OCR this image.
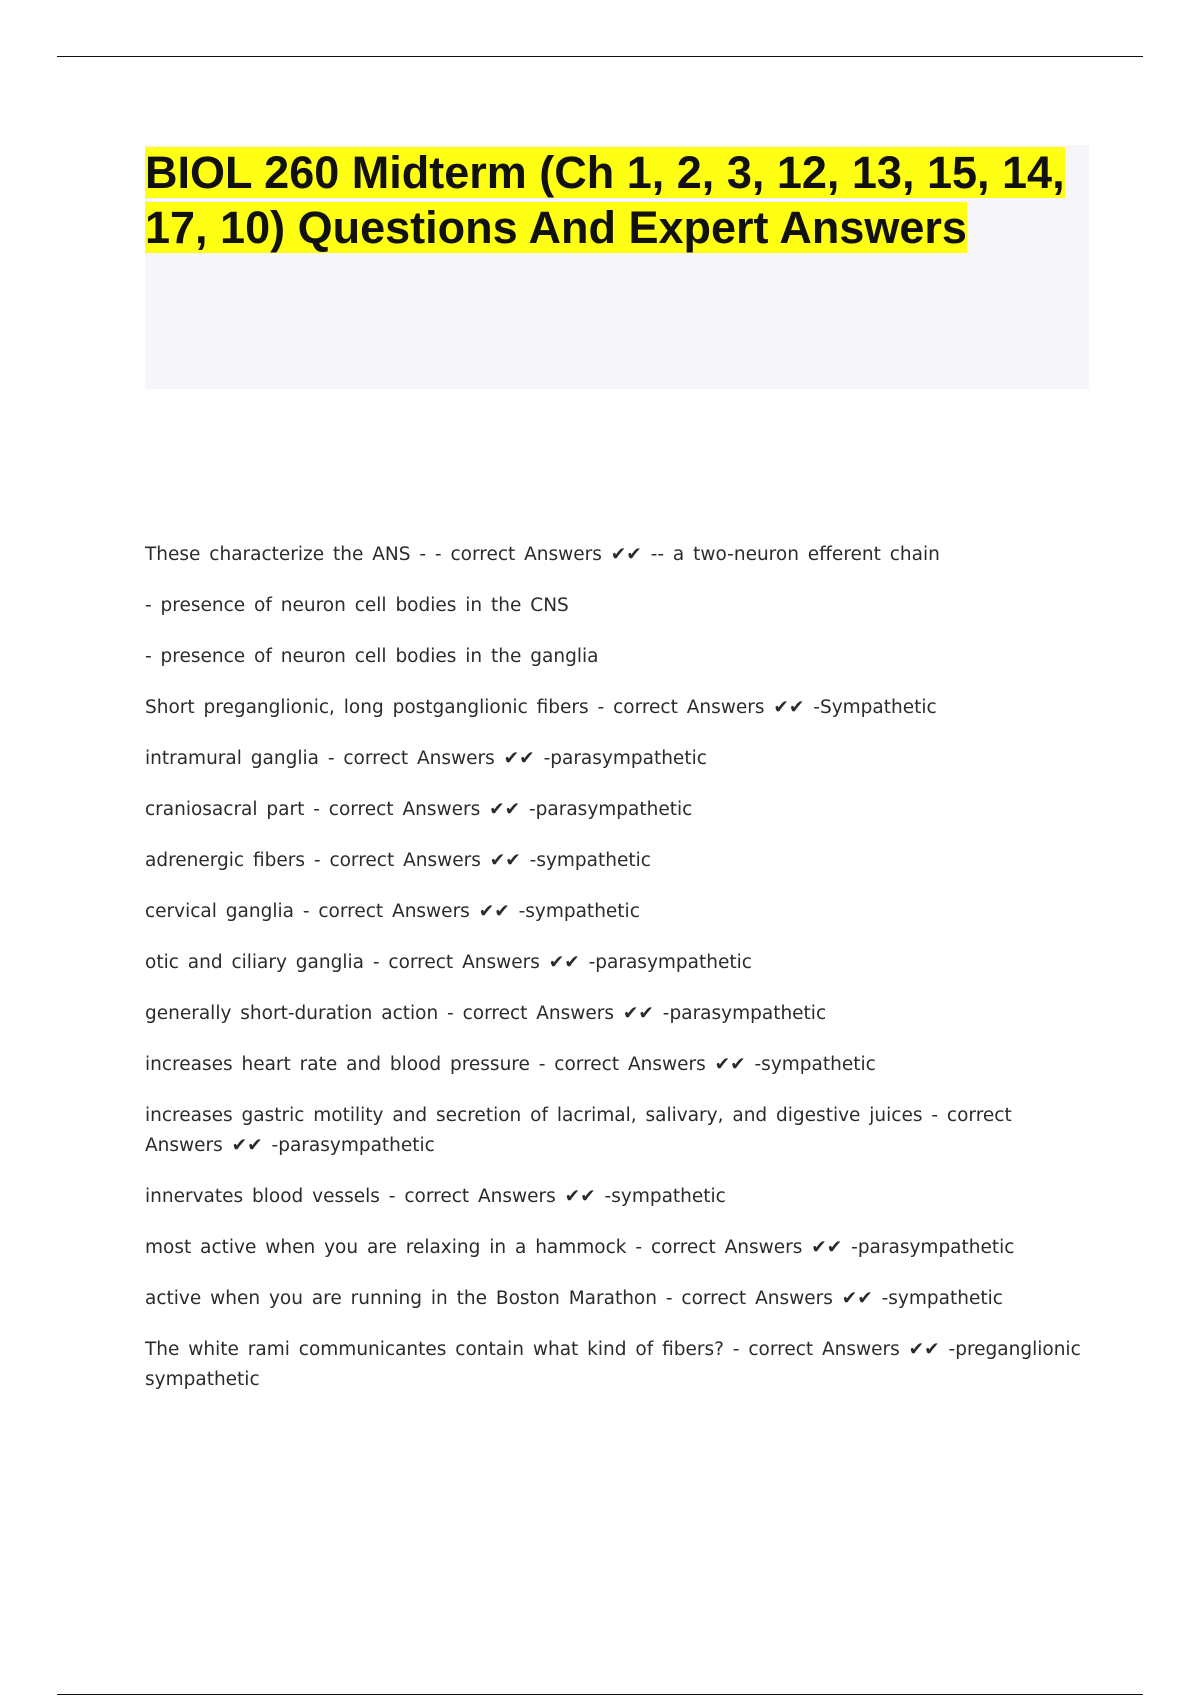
BIOL 260 Midterm (Ch 1, 2, 3, 12, 13, 15, 14, 17, 10) Questions And Expert Answers
These characterize the ANS - - correct Answers ✔✔ -- a two-neuron efferent chain
- presence of neuron cell bodies in the CNS
- presence of neuron cell bodies in the ganglia
Short preganglionic, long postganglionic fibers - correct Answers ✔✔ -Sympathetic
intramural ganglia - correct Answers ✔✔ -parasympathetic
craniosacral part - correct Answers ✔✔ -parasympathetic
adrenergic fibers - correct Answers ✔✔ -sympathetic
cervical ganglia - correct Answers ✔✔ -sympathetic
otic and ciliary ganglia - correct Answers ✔✔ -parasympathetic
generally short-duration action - correct Answers ✔✔ -parasympathetic
increases heart rate and blood pressure - correct Answers ✔✔ -sympathetic
increases gastric motility and secretion of lacrimal, salivary, and digestive juices - correct Answers ✔✔ -parasympathetic
innervates blood vessels - correct Answers ✔✔ -sympathetic
most active when you are relaxing in a hammock - correct Answers ✔✔ -parasympathetic
active when you are running in the Boston Marathon - correct Answers ✔✔ -sympathetic
The white rami communicantes contain what kind of fibers? - correct Answers ✔✔ -preganglionic sympathetic
